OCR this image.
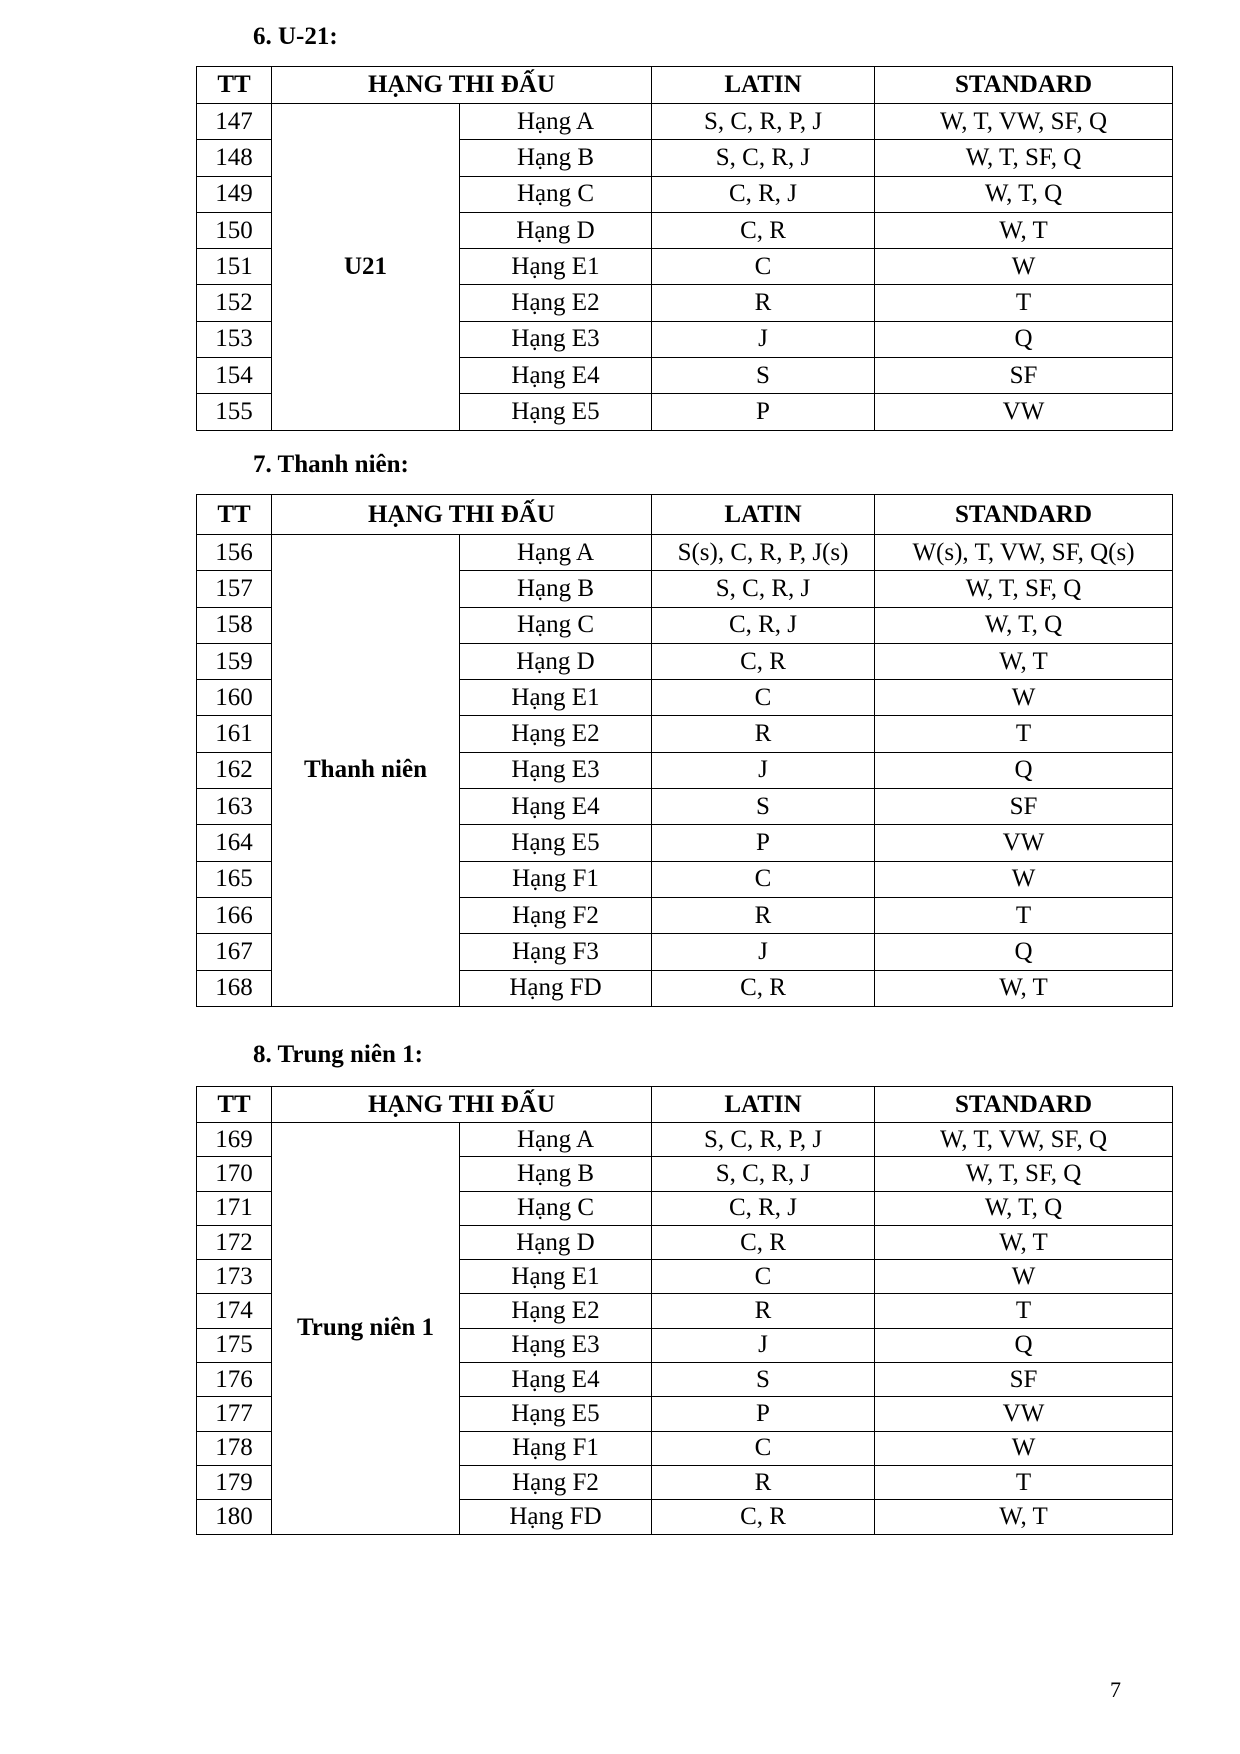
6. U-21:
TT	HẠNG THI ĐẤU		LATIN	STANDARD
147	U21	Hạng A	S, C, R, P, J	W, T, VW, SF, Q
148		Hạng B	S, C, R, J	W, T, SF, Q
149		Hạng C	C, R, J	W, T, Q
150		Hạng D	C, R	W, T
151		Hạng E1	C	W
152		Hạng E2	R	T
153		Hạng E3	J	Q
154		Hạng E4	S	SF
155		Hạng E5	P	VW
7. Thanh niên:
TT	HẠNG THI ĐẤU		LATIN	STANDARD
156	Thanh niên	Hạng A	S(s), C, R, P, J(s)	W(s), T, VW, SF, Q(s)
157		Hạng B	S, C, R, J	W, T, SF, Q
158		Hạng C	C, R, J	W, T, Q
159		Hạng D	C, R	W, T
160		Hạng E1	C	W
161		Hạng E2	R	T
162		Hạng E3	J	Q
163		Hạng E4	S	SF
164		Hạng E5	P	VW
165		Hạng F1	C	W
166		Hạng F2	R	T
167		Hạng F3	J	Q
168		Hạng FD	C, R	W, T
8. Trung niên 1:
TT	HẠNG THI ĐẤU		LATIN	STANDARD
169	Trung niên 1	Hạng A	S, C, R, P, J	W, T, VW, SF, Q
170		Hạng B	S, C, R, J	W, T, SF, Q
171		Hạng C	C, R, J	W, T, Q
172		Hạng D	C, R	W, T
173		Hạng E1	C	W
174		Hạng E2	R	T
175		Hạng E3	J	Q
176		Hạng E4	S	SF
177		Hạng E5	P	VW
178		Hạng F1	C	W
179		Hạng F2	R	T
180		Hạng FD	C, R	W, T
7
